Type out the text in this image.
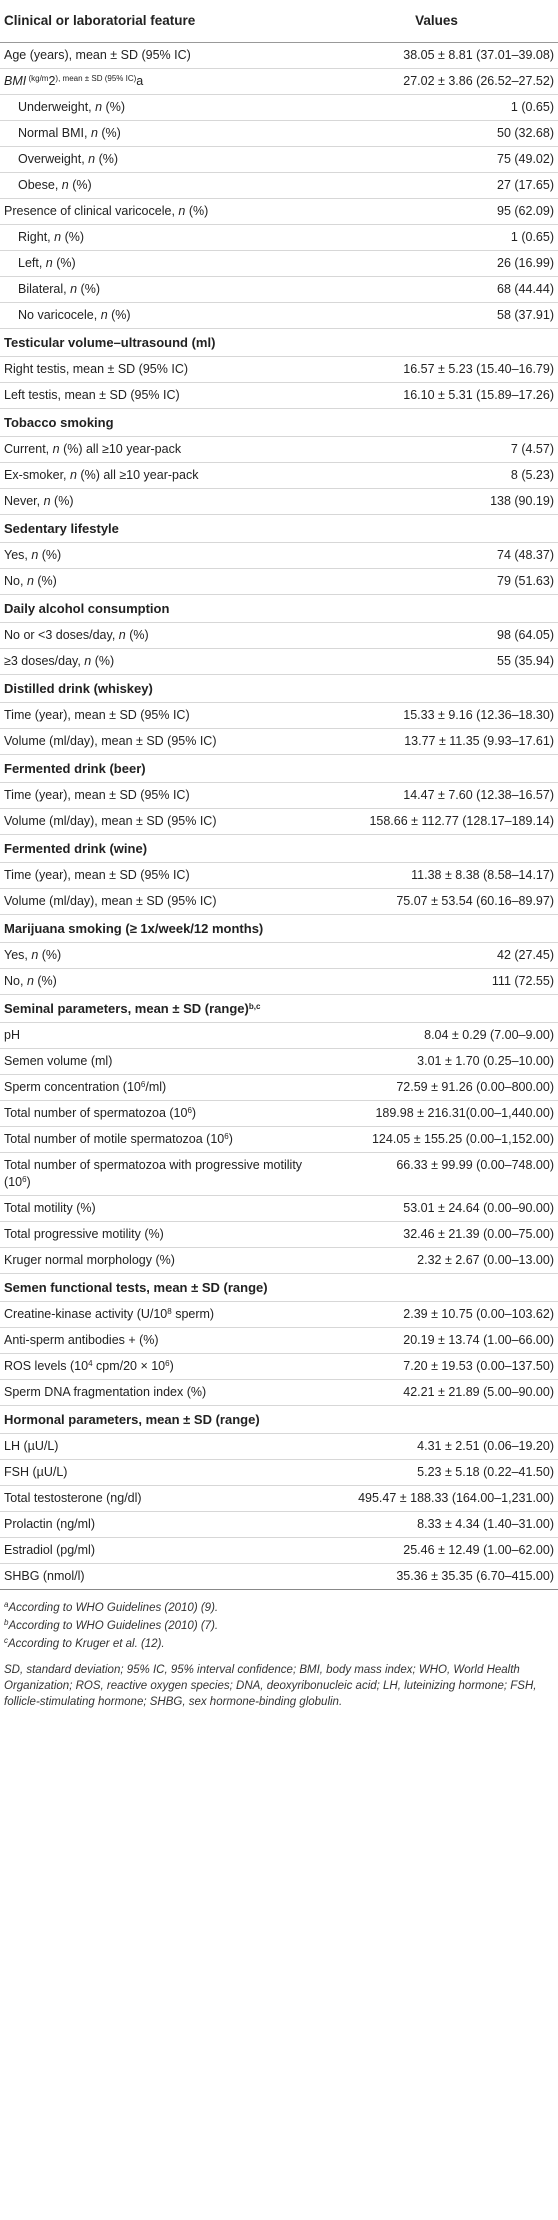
Clinical or laboratorial feature	Values
Age (years), mean ± SD (95% IC)	38.05 ± 8.81 (37.01–39.08)
BMI $^{(kg/m}2^{), mean \pm SD (95\% IC)}a$	27.02 ± 3.86 (26.52–27.52)
Underweight, n (%)	1 (0.65)
Normal BMI, n (%)	50 (32.68)
Overweight, n (%)	75 (49.02)
Obese, n (%)	27 (17.65)
Presence of clinical varicocele, n (%)	95 (62.09)
Right, n (%)	1 (0.65)
Left, n (%)	26 (16.99)
Bilateral, n (%)	68 (44.44)
No varicocele, n (%)	58 (37.91)
Testicular volume–ultrasound (ml)	
Right testis, mean ± SD (95% IC)	16.57 ± 5.23 (15.40–16.79)
Left testis, mean ± SD (95% IC)	16.10 ± 5.31 (15.89–17.26)
Tobacco smoking	
Current, n (%) all ≥10 year-pack	7 (4.57)
Ex-smoker, n (%) all ≥10 year-pack	8 (5.23)
Never, n (%)	138 (90.19)
Sedentary lifestyle	
Yes, n (%)	74 (48.37)
No, n (%)	79 (51.63)
Daily alcohol consumption	
No or <3 doses/day, n (%)	98 (64.05)
≥3 doses/day, n (%)	55 (35.94)
Distilled drink (whiskey)	
Time (year), mean ± SD (95% IC)	15.33 ± 9.16 (12.36–18.30)
Volume (ml/day), mean ± SD (95% IC)	13.77 ± 11.35 (9.93–17.61)
Fermented drink (beer)	
Time (year), mean ± SD (95% IC)	14.47 ± 7.60 (12.38–16.57)
Volume (ml/day), mean ± SD (95% IC)	158.66 ± 112.77 (128.17–189.14)
Fermented drink (wine)	
Time (year), mean ± SD (95% IC)	11.38 ± 8.38 (8.58–14.17)
Volume (ml/day), mean ± SD (95% IC)	75.07 ± 53.54 (60.16–89.97)
Marijuana smoking (≥ 1x/week/12 months)	
Yes, n (%)	42 (27.45)
No, n (%)	111 (72.55)
Seminal parameters, mean ± SD (range)$^{b,c}$
pH	8.04 ± 0.29 (7.00–9.00)
Semen volume (ml)	3.01 ± 1.70 (0.25–10.00)
Sperm concentration $(10^6/ml)$	72.59 ± 91.26 (0.00–800.00)
Total number of spermatozoa $(10^6)$	189.98 ± 216.31(0.00–1,440.00)
Total number of motile spermatozoa $(10^6)$	124.05 ± 155.25 (0.00–1,152.00)
Total number of spermatozoa with progressive motility $(10^6)$	66.33 ± 99.99 (0.00–748.00)
Total motility (%)	53.01 ± 24.64 (0.00–90.00)
Total progressive motility (%)	32.46 ± 21.39 (0.00–75.00)
Kruger normal morphology (%)	2.32 ± 2.67 (0.00–13.00)
Semen functional tests, mean ± SD (range)	
Creatine-kinase activity ($U/10^8$ sperm)	2.39 ± 10.75 (0.00–103.62)
Anti-sperm antibodies + (%)	20.19 ± 13.74 (1.00–66.00)
ROS levels ($10^4$ $cpm/20 \times 10^6$)	7.20 ± 19.53 (0.00–137.50)
Sperm DNA fragmentation index (%)	42.21 ± 21.89 (5.00–90.00)
Hormonal parameters, mean ± SD (range)	
LH (µU/L)	4.31 ± 2.51 (0.06–19.20)
FSH (µU/L)	5.23 ± 5.18 (0.22–41.50)
Total testosterone (ng/dl)	495.47 ± 188.33 (164.00–1,231.00)
Prolactin (ng/ml)	8.33 ± 4.34 (1.40–31.00)
Estradiol (pg/ml)	25.46 ± 12.49 (1.00–62.00)
SHBG (nmol/l)	35.36 ± 35.35 (6.70–415.00)

$^a$According to WHO Guidelines (2010) (9).

$^b$According to WHO Guidelines (2010) (7).

$^c$According to Kruger et al. (12).

SD, standard deviation; 95% IC, 95% interval confidence; BMI, body mass index; WHO, World Health Organization; ROS, reactive oxygen species; DNA, deoxyribonucleic acid; LH, luteinizing hormone; FSH, follicle-stimulating hormone; SHBG, sex hormone-binding globulin.
